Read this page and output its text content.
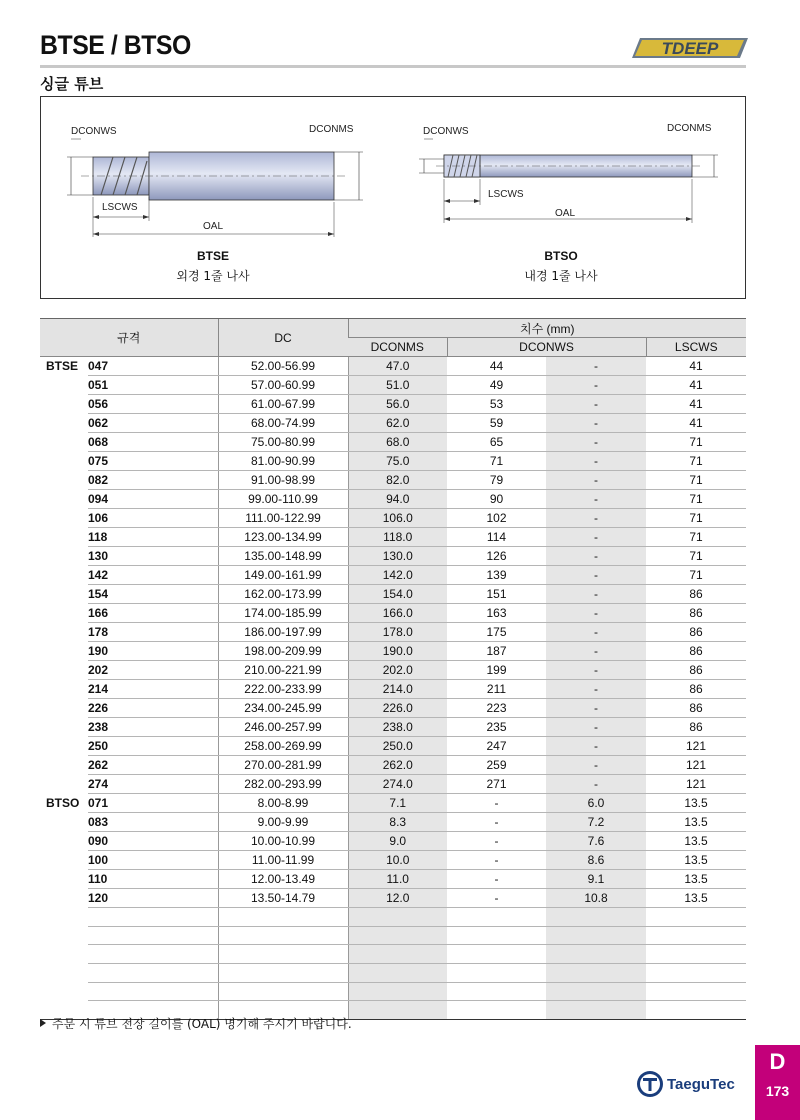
BTSE / BTSO	TDEEP
싱글 튜브
DCONWS	DCONMS
LSCWS
OAL
BTSE
외경 1줄 나사
DCONWS	DCONMS
LSCWS
OAL
BTSO
내경 1줄 나사
규격		DC	치수 (mm)			
			DCONMS	DCONWS		LSCWS
BTSE	047	52.00-56.99	47.0	44	-	41
	051	57.00-60.99	51.0	49	-	41
	056	61.00-67.99	56.0	53	-	41
	062	68.00-74.99	62.0	59	-	41
	068	75.00-80.99	68.0	65	-	71
	075	81.00-90.99	75.0	71	-	71
	082	91.00-98.99	82.0	79	-	71
	094	99.00-110.99	94.0	90	-	71
	106	111.00-122.99	106.0	102	-	71
	118	123.00-134.99	118.0	114	-	71
	130	135.00-148.99	130.0	126	-	71
	142	149.00-161.99	142.0	139	-	71
	154	162.00-173.99	154.0	151	-	86
	166	174.00-185.99	166.0	163	-	86
	178	186.00-197.99	178.0	175	-	86
	190	198.00-209.99	190.0	187	-	86
	202	210.00-221.99	202.0	199	-	86
	214	222.00-233.99	214.0	211	-	86
	226	234.00-245.99	226.0	223	-	86
	238	246.00-257.99	238.0	235	-	86
	250	258.00-269.99	250.0	247	-	121
	262	270.00-281.99	262.0	259	-	121
	274	282.00-293.99	274.0	271	-	121
BTSO	071	8.00-8.99	7.1	-	6.0	13.5
	083	9.00-9.99	8.3	-	7.2	13.5
	090	10.00-10.99	9.0	-	7.6	13.5
	100	11.00-11.99	10.0	-	8.6	13.5
	110	12.00-13.49	11.0	-	9.1	13.5
	120	13.50-14.79	12.0	-	10.8	13.5

주문 시 튜브 전장 길이를 (OAL) 명기해 주시기 바랍니다.
TaeguTec
D
173
